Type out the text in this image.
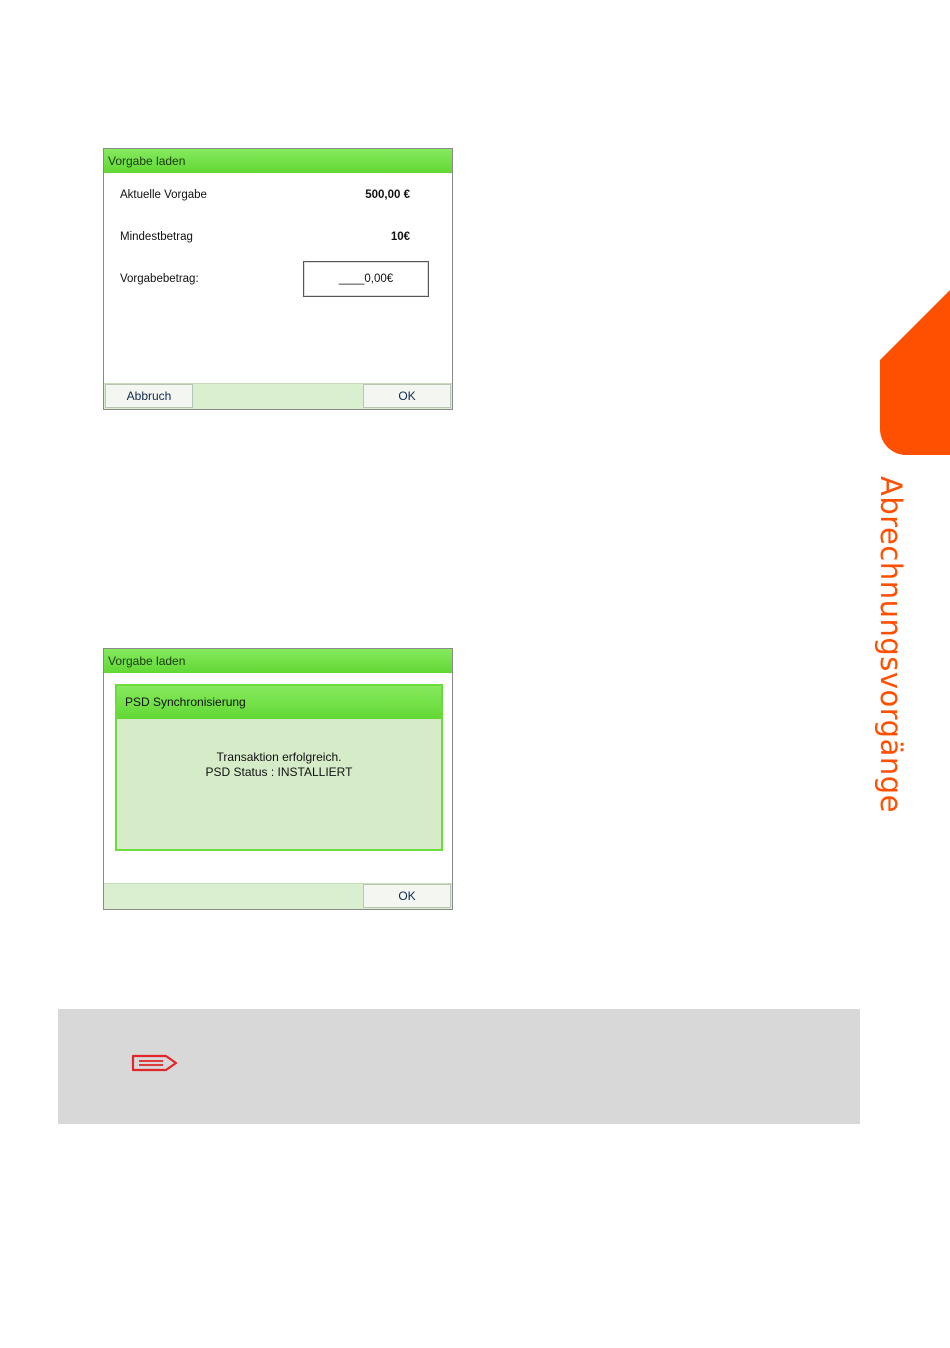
Vorgabe laden
Aktuelle Vorgabe	500,00 €
Mindestbetrag	10€
Vorgabebetrag:	____0,00€
Abbruch	OK
Vorgabe laden
PSD Synchronisierung
Transaktion erfolgreich.
PSD Status : INSTALLIERT
OK
Abrechnungsvorgänge
